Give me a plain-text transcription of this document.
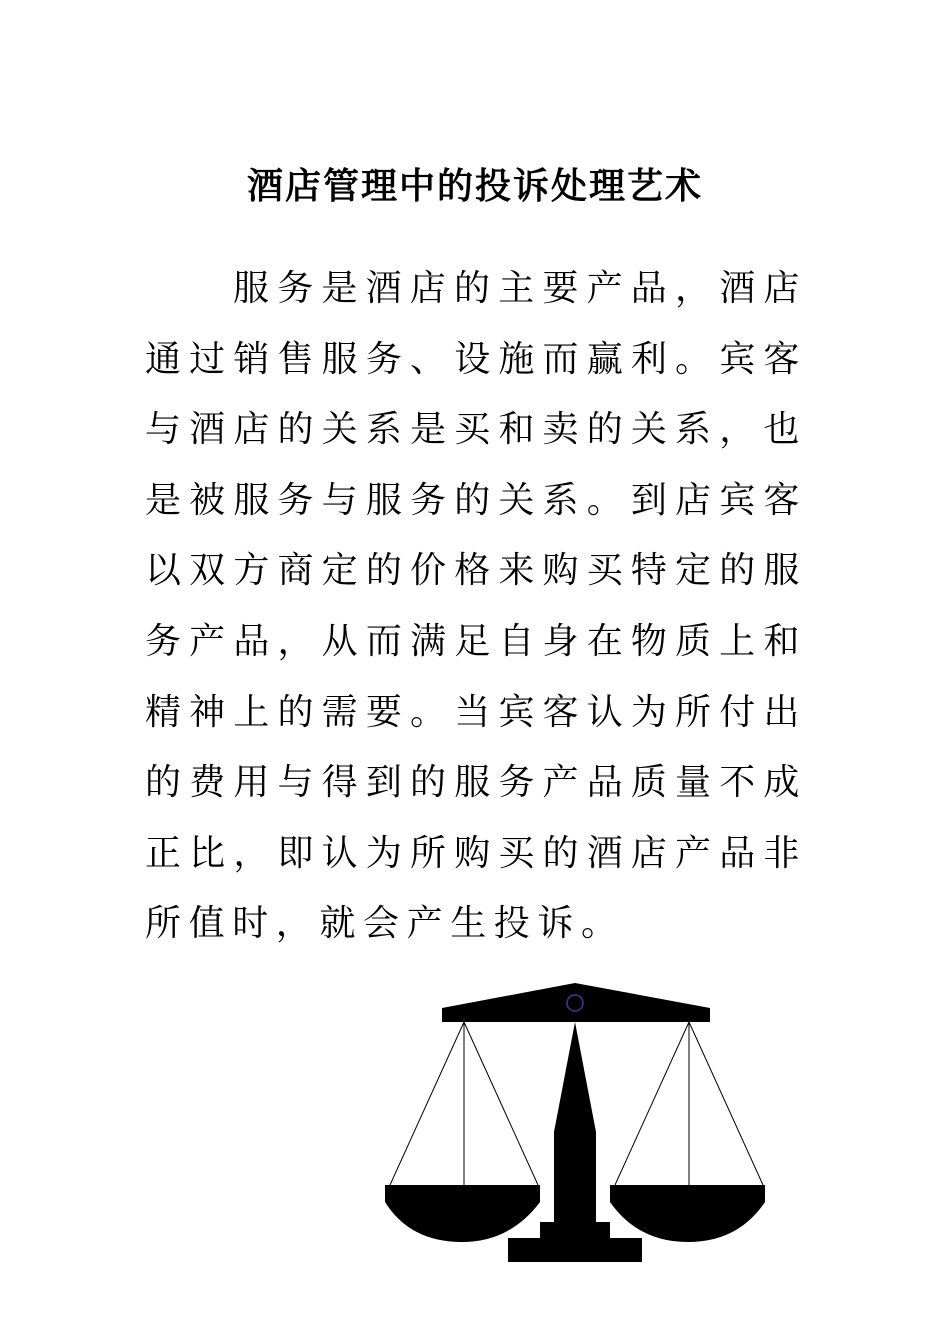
酒店管理中的投诉处理艺术

服务是酒店的主要产品，酒店通过销售服务、设施而赢利。宾客与酒店的关系是买和卖的关系，也是被服务与服务的关系。到店宾客以双方商定的价格来购买特定的服务产品，从而满足自身在物质上和精神上的需要。当宾客认为所付出的费用与得到的服务产品质量不成正比，即认为所购买的酒店产品非所值时，就会产生投诉。
